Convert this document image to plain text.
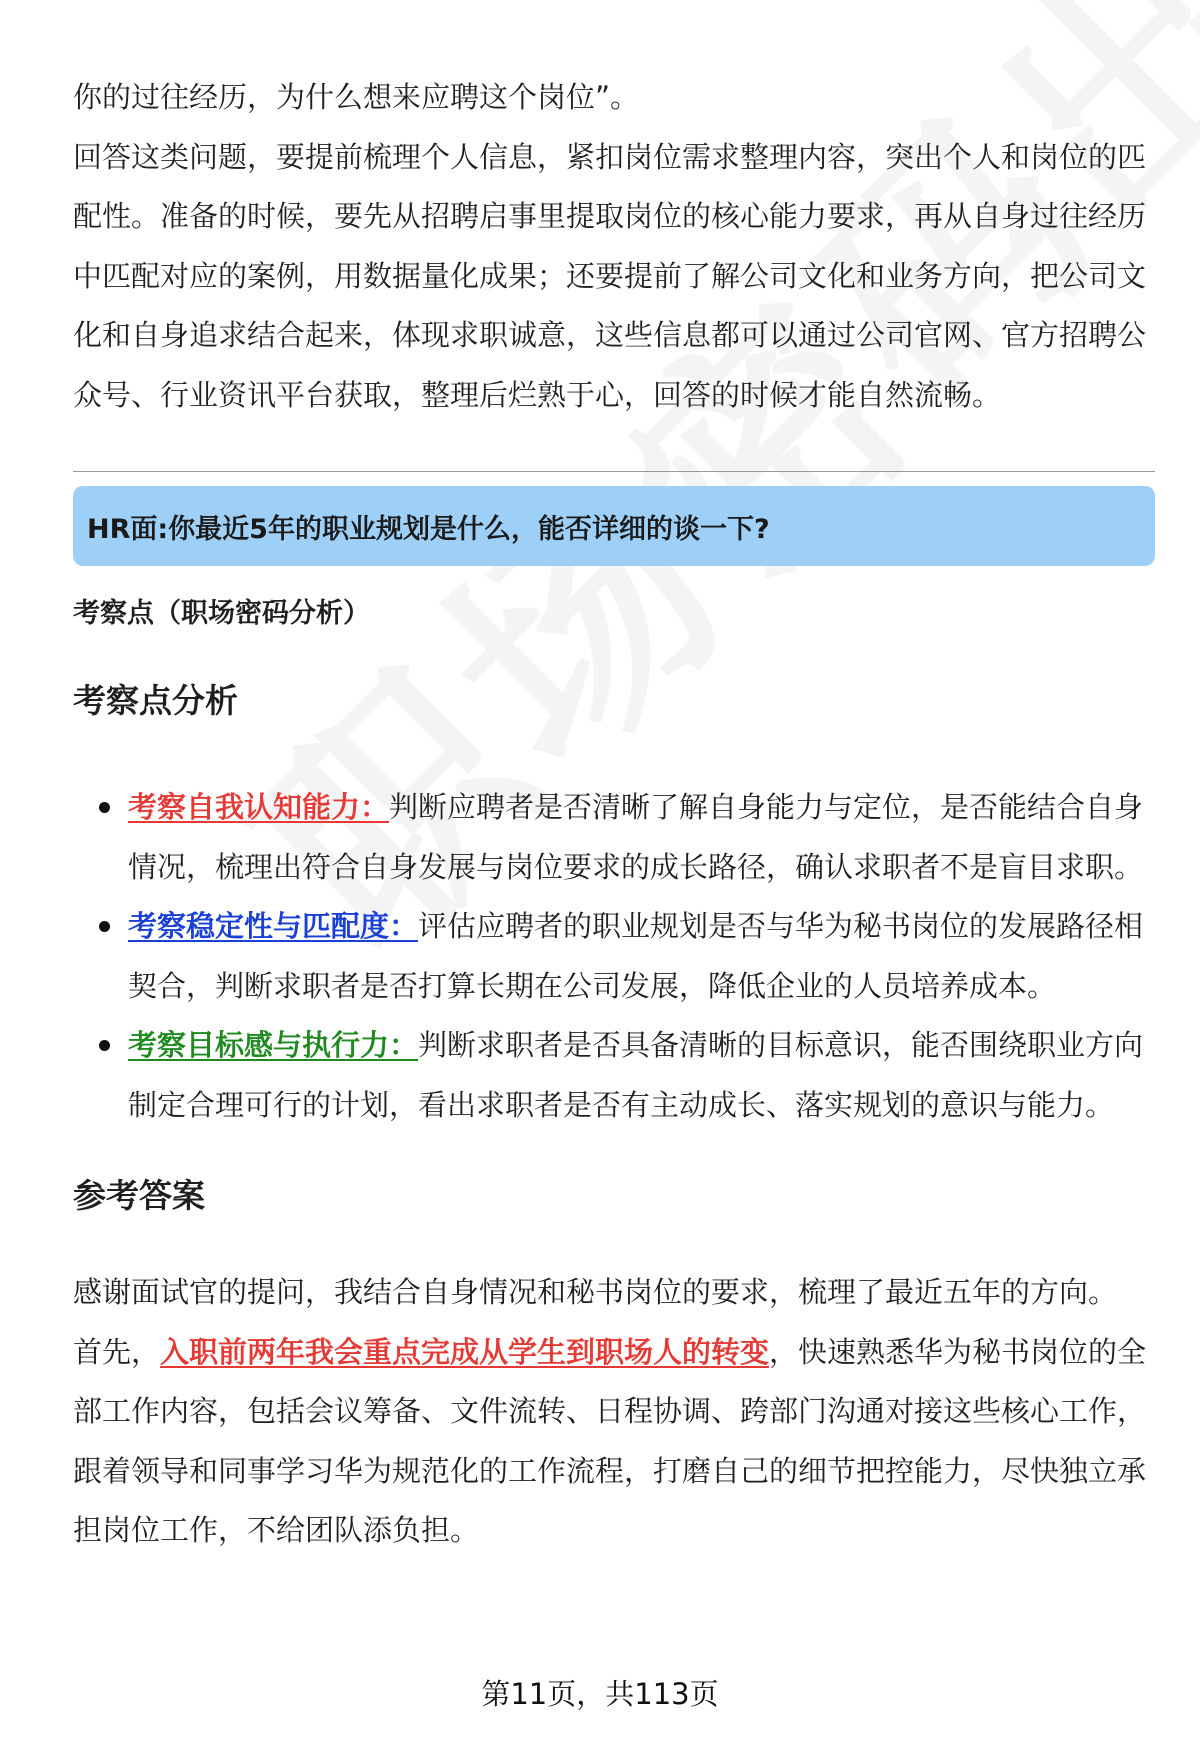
你的过往经历，为什么想来应聘这个岗位”。

回答这类问题，要提前梳理个人信息，紧扣岗位需求整理内容，突出个人和岗位的匹配性。准备的时候，要先从招聘启事里提取岗位的核心能力要求，再从自身过往经历中匹配对应的案例，用数据量化成果；还要提前了解公司文化和业务方向，把公司文化和自身追求结合起来，体现求职诚意，这些信息都可以通过公司官网、官方招聘公众号、行业资讯平台获取，整理后烂熟于心，回答的时候才能自然流畅。

HR面:你最近5年的职业规划是什么，能否详细的谈一下?

考察点（职场密码分析）

考察点分析

考察自我认知能力：判断应聘者是否清晰了解自身能力与定位，是否能结合自身情况，梳理出符合自身发展与岗位要求的成长路径，确认求职者不是盲目求职。
考察稳定性与匹配度：评估应聘者的职业规划是否与华为秘书岗位的发展路径相契合，判断求职者是否打算长期在公司发展，降低企业的人员培养成本。
考察目标感与执行力：判断求职者是否具备清晰的目标意识，能否围绕职业方向制定合理可行的计划，看出求职者是否有主动成长、落实规划的意识与能力。

参考答案

感谢面试官的提问，我结合自身情况和秘书岗位的要求，梳理了最近五年的方向。

首先，入职前两年我会重点完成从学生到职场人的转变，快速熟悉华为秘书岗位的全部工作内容，包括会议筹备、文件流转、日程协调、跨部门沟通对接这些核心工作，跟着领导和同事学习华为规范化的工作流程，打磨自己的细节把控能力，尽快独立承担岗位工作，不给团队添负担。

第11页，共113页
